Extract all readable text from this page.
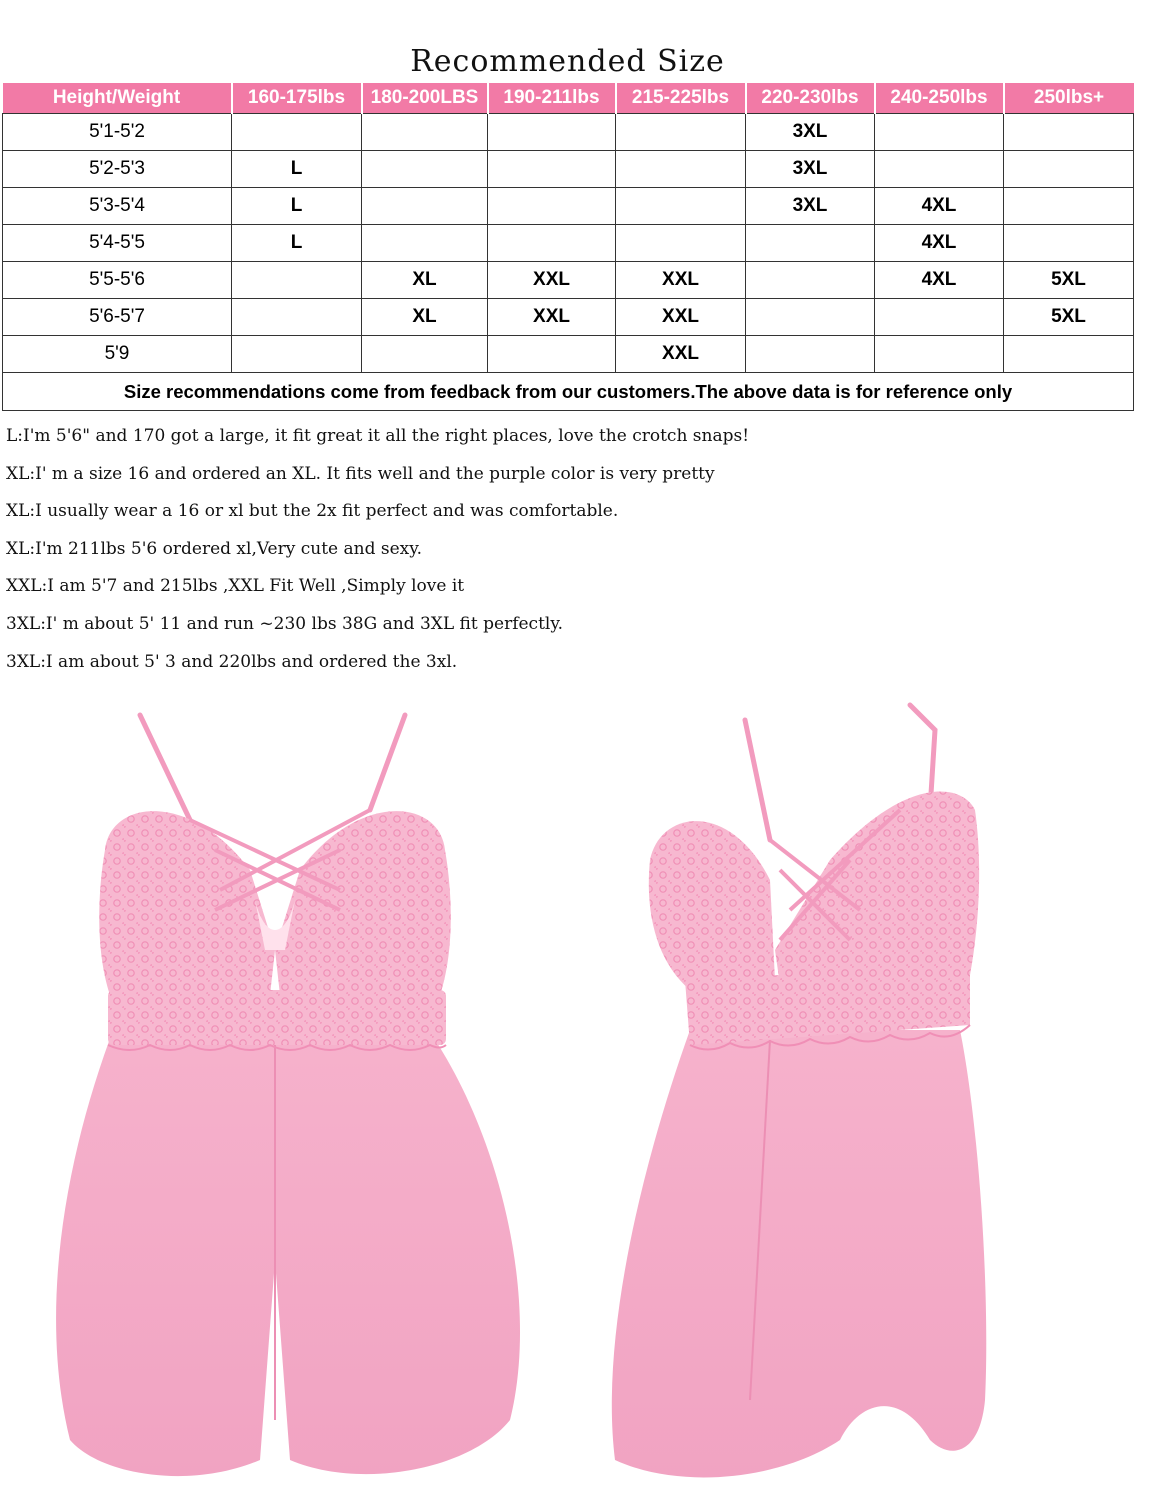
Recommended Size
Height/Weight	160-175lbs	180-200LBS	190-211lbs	215-225lbs	220-230lbs	240-250lbs	250lbs+
5'1-5'2					3XL		
5'2-5'3	L				3XL		
5'3-5'4	L				3XL	4XL	
5'4-5'5	L					4XL	
5'5-5'6		XL	XXL	XXL		4XL	5XL
5'6-5'7		XL	XXL	XXL			5XL
5'9				XXL			
Size recommendations come from feedback from our customers.The above data is for reference only							
L:I'm 5'6" and 170 got a large, it fit great it all the right places, love the crotch snaps!
XL:I' m a size 16 and ordered an XL. It fits well and the purple color is very pretty
XL:I usually wear a 16 or xl but the 2x fit perfect and was comfortable.
XL:I'm 211lbs 5'6 ordered xl,Very cute and sexy.
XXL:I am 5'7 and 215lbs ,XXL Fit Well ,Simply love it
3XL:I' m about 5' 11 and run ~230 lbs 38G and 3XL fit perfectly.
3XL:I am about 5' 3 and 220lbs and ordered the 3xl.
